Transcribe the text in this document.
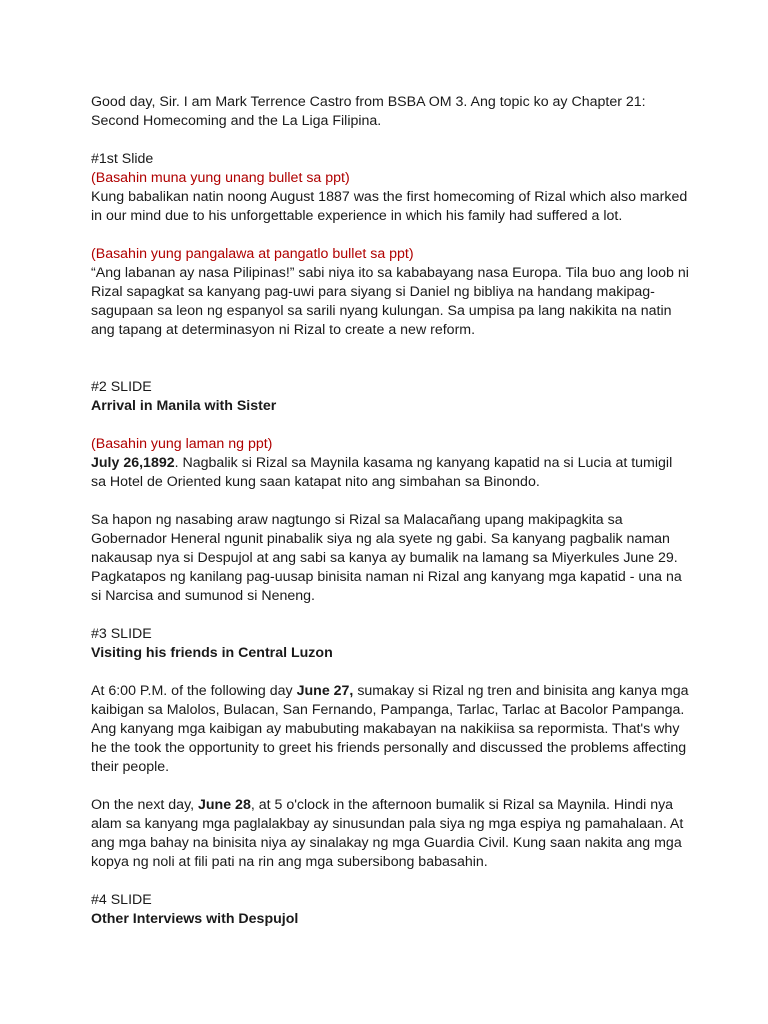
Good day, Sir. I am Mark Terrence Castro from BSBA OM 3. Ang topic ko ay Chapter 21: Second Homecoming and the La Liga Filipina.

#1st Slide

(Basahin muna yung unang bullet sa ppt)

Kung babalikan natin noong August 1887 was the first homecoming of Rizal which also marked in our mind due to his unforgettable experience in which his family had suffered a lot.

(Basahin yung pangalawa at pangatlo bullet sa ppt)

“Ang labanan ay nasa Pilipinas!” sabi niya ito sa kababayang nasa Europa. Tila buo ang loob ni Rizal sapagkat sa kanyang pag-uwi para siyang si Daniel ng bibliya na handang makipag-sagupaan sa leon ng espanyol sa sarili nyang kulungan. Sa umpisa pa lang nakikita na natin ang tapang at determinasyon ni Rizal to create a new reform.

#2 SLIDE

Arrival in Manila with Sister

(Basahin yung laman ng ppt)

July 26,1892. Nagbalik si Rizal sa Maynila kasama ng kanyang kapatid na si Lucia at tumigil sa Hotel de Oriented kung saan katapat nito ang simbahan sa Binondo.

Sa hapon ng nasabing araw nagtungo si Rizal sa Malacañang upang makipagkita sa Gobernador Heneral ngunit pinabalik siya ng ala syete ng gabi. Sa kanyang pagbalik naman nakausap nya si Despujol at ang sabi sa kanya ay bumalik na lamang sa Miyerkules June 29. Pagkatapos ng kanilang pag-uusap binisita naman ni Rizal ang kanyang mga kapatid - una na si Narcisa and sumunod si Neneng.

#3 SLIDE

Visiting his friends in Central Luzon

At 6:00 P.M. of the following day June 27, sumakay si Rizal ng tren and binisita ang kanya mga kaibigan sa Malolos, Bulacan, San Fernando, Pampanga, Tarlac, Tarlac at Bacolor Pampanga. Ang kanyang mga kaibigan ay mabubuting makabayan na nakikiisa sa repormista. That's why he the took the opportunity to greet his friends personally and discussed the problems affecting their people.

On the next day, June 28, at 5 o'clock in the afternoon bumalik si Rizal sa Maynila. Hindi nya alam sa kanyang mga paglalakbay ay sinusundan pala siya ng mga espiya ng pamahalaan. At ang mga bahay na binisita niya ay sinalakay ng mga Guardia Civil. Kung saan nakita ang mga kopya ng noli at fili pati na rin ang mga subersibong babasahin.

#4 SLIDE

Other Interviews with Despujol
